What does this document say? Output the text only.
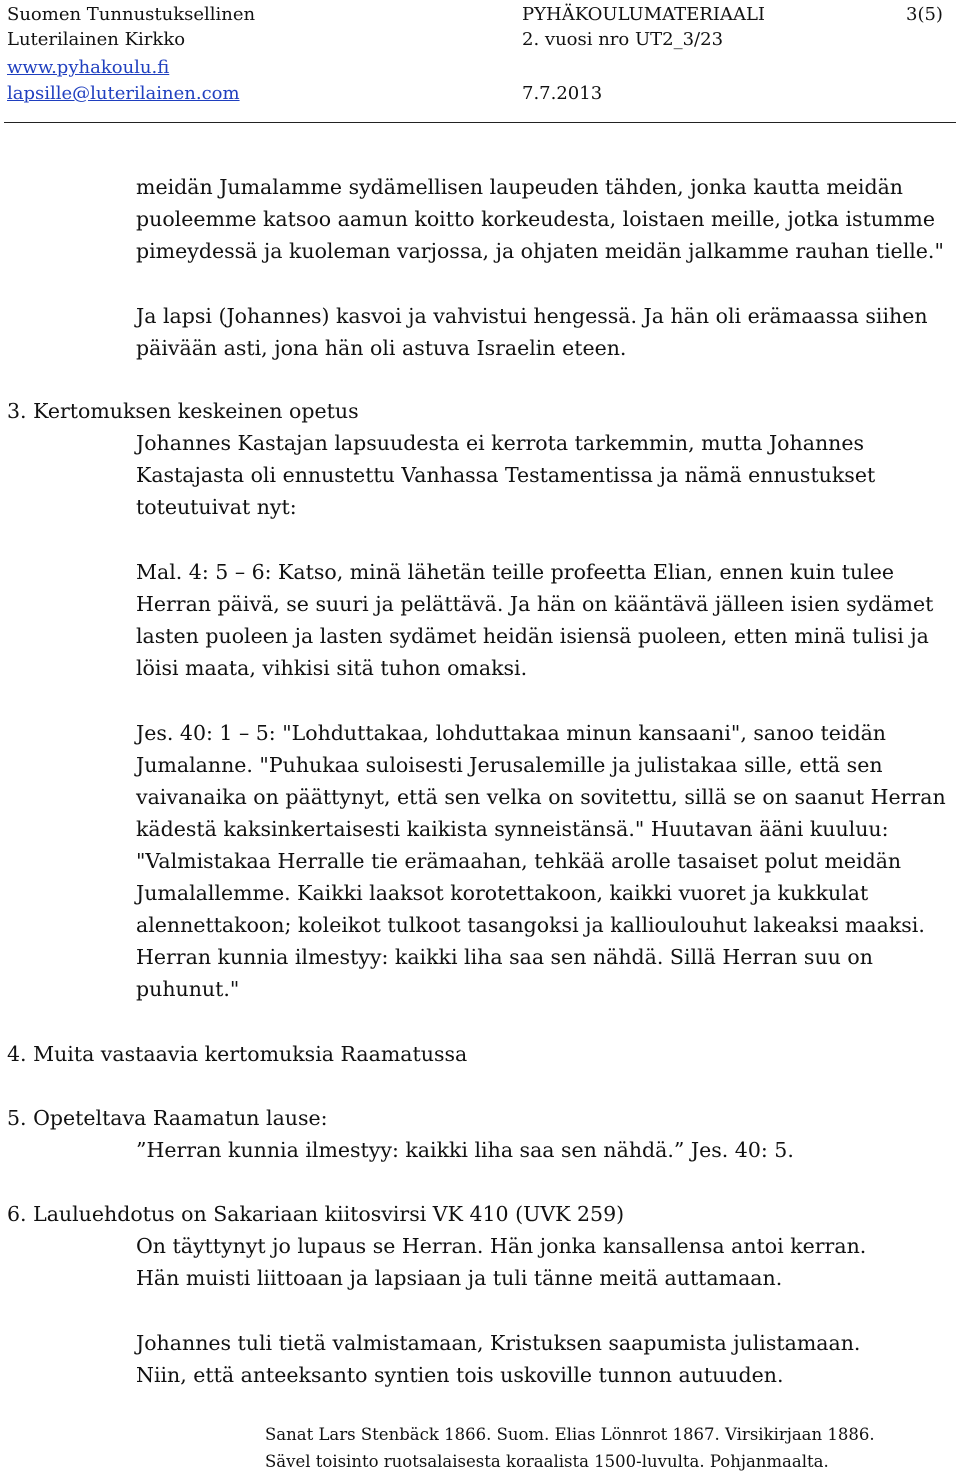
Suomen Tunnustuksellinen
Luterilainen Kirkko
www.pyhakoulu.fi
lapsille@luterilainen.com
PYHÄKOULUMATERIAALI
2. vuosi nro UT2_3/23
7.7.2013
3(5)
meidän Jumalamme sydämellisen laupeuden tähden, jonka kautta meidän
puoleemme katsoo aamun koitto korkeudesta, loistaen meille, jotka istumme
pimeydessä ja kuoleman varjossa, ja ohjaten meidän jalkamme rauhan tielle."
Ja lapsi (Johannes) kasvoi ja vahvistui hengessä. Ja hän oli erämaassa siihen
päivään asti, jona hän oli astuva Israelin eteen.
3. Kertomuksen keskeinen opetus
Johannes Kastajan lapsuudesta ei kerrota tarkemmin, mutta Johannes
Kastajasta oli ennustettu Vanhassa Testamentissa ja nämä ennustukset
toteutuivat nyt:
Mal. 4: 5 – 6: Katso, minä lähetän teille profeetta Elian, ennen kuin tulee
Herran päivä, se suuri ja pelättävä. Ja hän on kääntävä jälleen isien sydämet
lasten puoleen ja lasten sydämet heidän isiensä puoleen, etten minä tulisi ja
löisi maata, vihkisi sitä tuhon omaksi.
Jes. 40: 1 – 5: "Lohduttakaa, lohduttakaa minun kansaani", sanoo teidän
Jumalanne. "Puhukaa suloisesti Jerusalemille ja julistakaa sille, että sen
vaivanaika on päättynyt, että sen velka on sovitettu, sillä se on saanut Herran
kädestä kaksinkertaisesti kaikista synneistänsä." Huutavan ääni kuuluu:
"Valmistakaa Herralle tie erämaahan, tehkää arolle tasaiset polut meidän
Jumalallemme. Kaikki laaksot korotettakoon, kaikki vuoret ja kukkulat
alennettakoon; koleikot tulkoot tasangoksi ja kallioulouhut lakeaksi maaksi.
Herran kunnia ilmestyy: kaikki liha saa sen nähdä. Sillä Herran suu on
puhunut."
4. Muita vastaavia kertomuksia Raamatussa
5. Opeteltava Raamatun lause:
”Herran kunnia ilmestyy: kaikki liha saa sen nähdä.” Jes. 40: 5.
6. Lauluehdotus on Sakariaan kiitosvirsi VK 410 (UVK 259)
On täyttynyt jo lupaus se Herran. Hän jonka kansallensa antoi kerran.
Hän muisti liittoaan ja lapsiaan ja tuli tänne meitä auttamaan.
Johannes tuli tietä valmistamaan, Kristuksen saapumista julistamaan.
Niin, että anteeksanto syntien tois uskoville tunnon autuuden.
Sanat Lars Stenbäck 1866. Suom. Elias Lönnrot 1867. Virsikirjaan 1886.
Sävel toisinto ruotsalaisesta koraalista 1500-luvulta. Pohjanmaalta.
